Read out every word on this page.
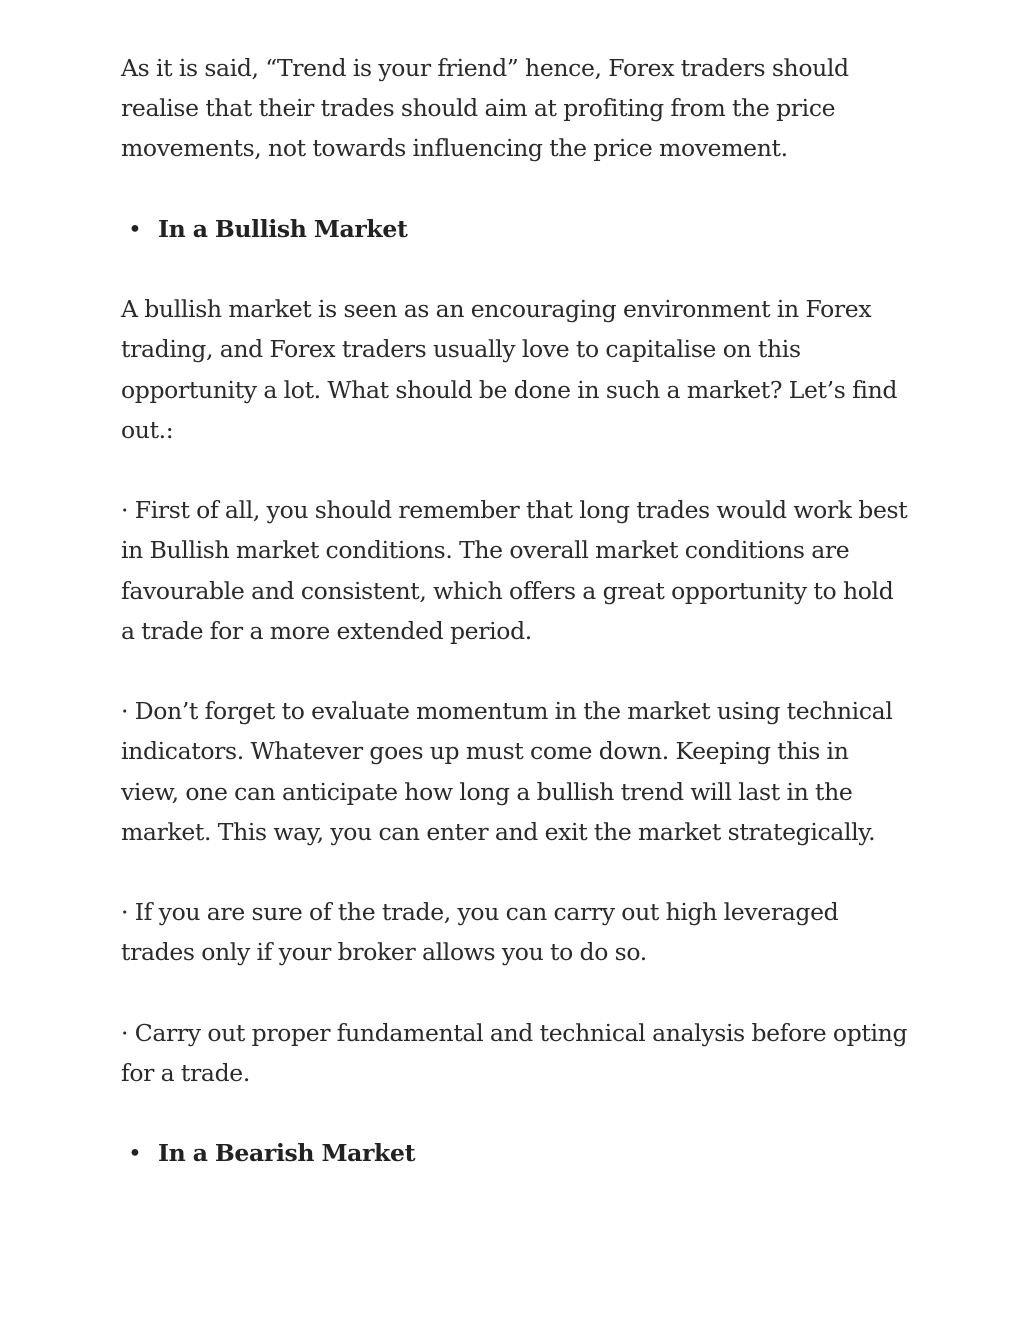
As it is said, “Trend is your friend” hence, Forex traders should realise that their trades should aim at profiting from the price movements, not towards influencing the price movement.

• In a Bullish Market

A bullish market is seen as an encouraging environment in Forex trading, and Forex traders usually love to capitalise on this opportunity a lot. What should be done in such a market? Let’s find out.:

· First of all, you should remember that long trades would work best in Bullish market conditions. The overall market conditions are favourable and consistent, which offers a great opportunity to hold a trade for a more extended period.

· Don’t forget to evaluate momentum in the market using technical indicators. Whatever goes up must come down. Keeping this in view, one can anticipate how long a bullish trend will last in the market. This way, you can enter and exit the market strategically.

· If you are sure of the trade, you can carry out high leveraged trades only if your broker allows you to do so.

· Carry out proper fundamental and technical analysis before opting for a trade.

• In a Bearish Market
